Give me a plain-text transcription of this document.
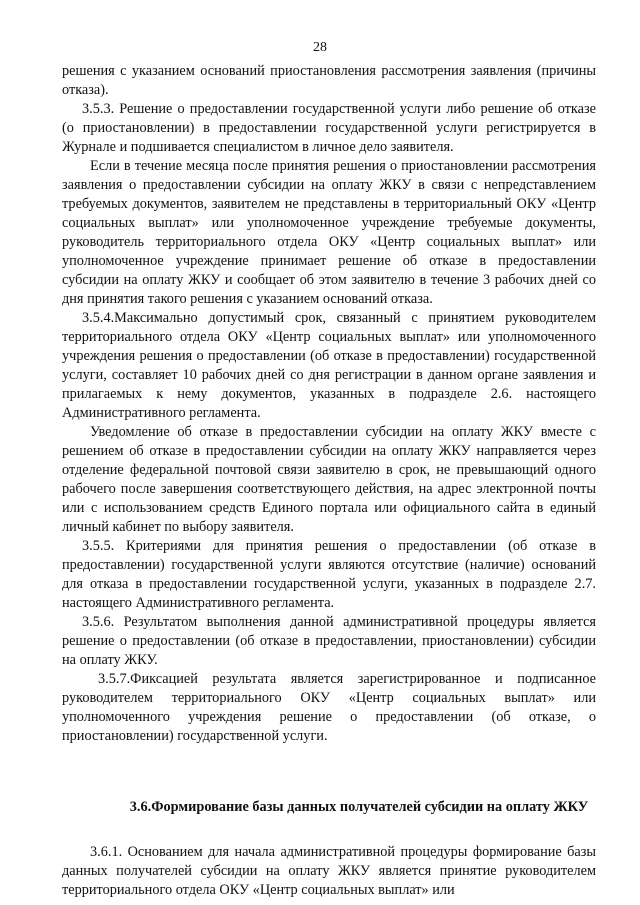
28

решения с указанием оснований приостановления рассмотрения заявления (причины отказа).

3.5.3. Решение о предоставлении государственной услуги либо решение об отказе (о приостановлении) в предоставлении государственной услуги регистрируется в Журнале и подшивается специалистом в личное дело заявителя.

Если в течение месяца после принятия решения о приостановлении рассмотрения заявления о предоставлении субсидии на оплату ЖКУ в связи с непредставлением требуемых документов, заявителем не представлены в территориальный ОКУ «Центр социальных выплат» или уполномоченное учреждение требуемые документы, руководитель территориального отдела ОКУ «Центр социальных выплат» или уполномоченное учреждение принимает решение об отказе в предоставлении субсидии на оплату ЖКУ и сообщает об этом заявителю в течение 3 рабочих дней со дня принятия такого решения с указанием оснований отказа.

3.5.4.Максимально допустимый срок, связанный с принятием руководителем территориального отдела ОКУ «Центр социальных выплат» или уполномоченного учреждения решения о предоставлении (об отказе в предоставлении) государственной услуги, составляет 10 рабочих дней со дня регистрации в данном органе заявления и прилагаемых к нему документов, указанных в подразделе 2.6. настоящего Административного регламента.

Уведомление об отказе в предоставлении субсидии на оплату ЖКУ вместе с решением об отказе в предоставлении субсидии на оплату ЖКУ направляется через отделение федеральной почтовой связи заявителю в срок, не превышающий одного рабочего после завершения соответствующего действия, на адрес электронной почты или с использованием средств Единого портала или официального сайта в единый личный кабинет по выбору заявителя.

3.5.5. Критериями для принятия решения о предоставлении (об отказе в предоставлении) государственной услуги являются отсутствие (наличие) оснований для отказа в предоставлении государственной услуги, указанных в подразделе 2.7. настоящего Административного регламента.

3.5.6. Результатом выполнения данной административной процедуры является решение о предоставлении (об отказе в предоставлении, приостановлении) субсидии на оплату ЖКУ.

3.5.7.Фиксацией результата является зарегистрированное и подписанное руководителем территориального ОКУ «Центр социальных выплат» или уполномоченного учреждения решение о предоставлении (об отказе, о приостановлении) государственной услуги.

3.6.Формирование базы данных получателей субсидии на оплату ЖКУ

3.6.1. Основанием для начала административной процедуры формирование базы данных получателей субсидии на оплату ЖКУ является принятие руководителем территориального отдела ОКУ «Центр социальных выплат» или
